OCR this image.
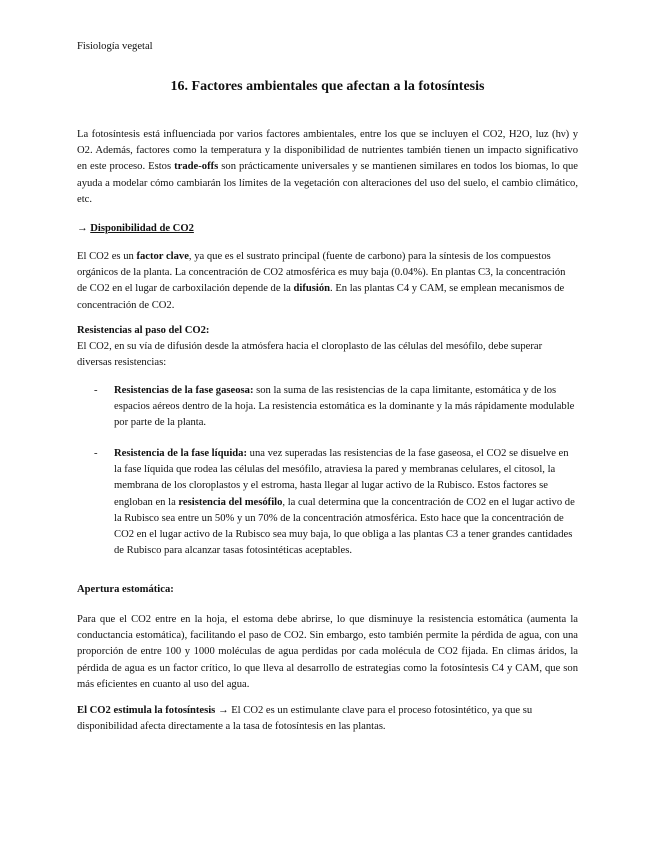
Fisiología vegetal
16. Factores ambientales que afectan a la fotosíntesis

La fotosíntesis está influenciada por varios factores ambientales, entre los que se incluyen el CO2, H2O, luz (hν) y O2. Además, factores como la temperatura y la disponibilidad de nutrientes también tienen un impacto significativo en este proceso. Estos trade-offs son prácticamente universales y se mantienen similares en todos los biomas, lo que ayuda a modelar cómo cambiarán los límites de la vegetación con alteraciones del uso del suelo, el cambio climático, etc.

→ Disponibilidad de CO2

El CO2 es un factor clave, ya que es el sustrato principal (fuente de carbono) para la síntesis de los compuestos orgánicos de la planta. La concentración de CO2 atmosférica es muy baja (0.04%). En plantas C3, la concentración de CO2 en el lugar de carboxilación depende de la difusión. En las plantas C4 y CAM, se emplean mecanismos de concentración de CO2.

Resistencias al paso del CO2:

El CO2, en su vía de difusión desde la atmósfera hacia el cloroplasto de las células del mesófilo, debe superar diversas resistencias:

- Resistencias de la fase gaseosa: son la suma de las resistencias de la capa limitante, estomática y de los espacios aéreos dentro de la hoja. La resistencia estomática es la dominante y la más rápidamente modulable por parte de la planta.
- Resistencia de la fase líquida: una vez superadas las resistencias de la fase gaseosa, el CO2 se disuelve en la fase líquida que rodea las células del mesófilo, atraviesa la pared y membranas celulares, el citosol, la membrana de los cloroplastos y el estroma, hasta llegar al lugar activo de la Rubisco. Estos factores se engloban en la resistencia del mesófilo, la cual determina que la concentración de CO2 en el lugar activo de la Rubisco sea entre un 50% y un 70% de la concentración atmosférica. Esto hace que la concentración de CO2 en el lugar activo de la Rubisco sea muy baja, lo que obliga a las plantas C3 a tener grandes cantidades de Rubisco para alcanzar tasas fotosintéticas aceptables.
Apertura estomática:

Para que el CO2 entre en la hoja, el estoma debe abrirse, lo que disminuye la resistencia estomática (aumenta la conductancia estomática), facilitando el paso de CO2. Sin embargo, esto también permite la pérdida de agua, con una proporción de entre 100 y 1000 moléculas de agua perdidas por cada molécula de CO2 fijada. En climas áridos, la pérdida de agua es un factor crítico, lo que lleva al desarrollo de estrategias como la fotosíntesis C4 y CAM, que son más eficientes en cuanto al uso del agua.

El CO2 estimula la fotosíntesis → El CO2 es un estimulante clave para el proceso fotosintético, ya que su disponibilidad afecta directamente a la tasa de fotosíntesis en las plantas.
